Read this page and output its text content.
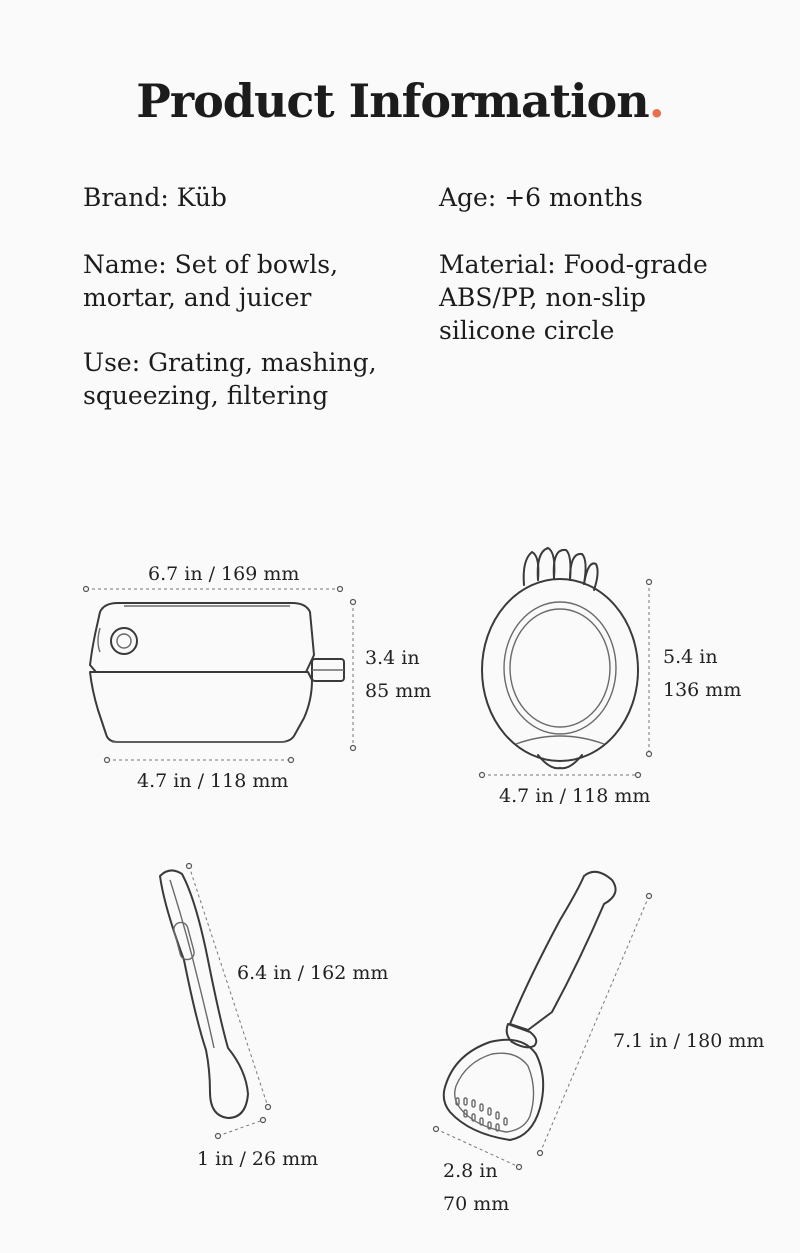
Product Information.

Brand: Küb

Name: Set of bowls,
mortar, and juicer

Use: Grating, mashing,
squeezing, filtering

Age: +6 months

Material: Food-grade
ABS/PP, non-slip
silicone circle

6.7 in / 169 mm
3.4 in
85 mm
4.7 in / 118 mm
5.4 in
136 mm
4.7 in / 118 mm
6.4 in / 162 mm
1 in / 26 mm
7.1 in / 180 mm
2.8 in
70 mm
